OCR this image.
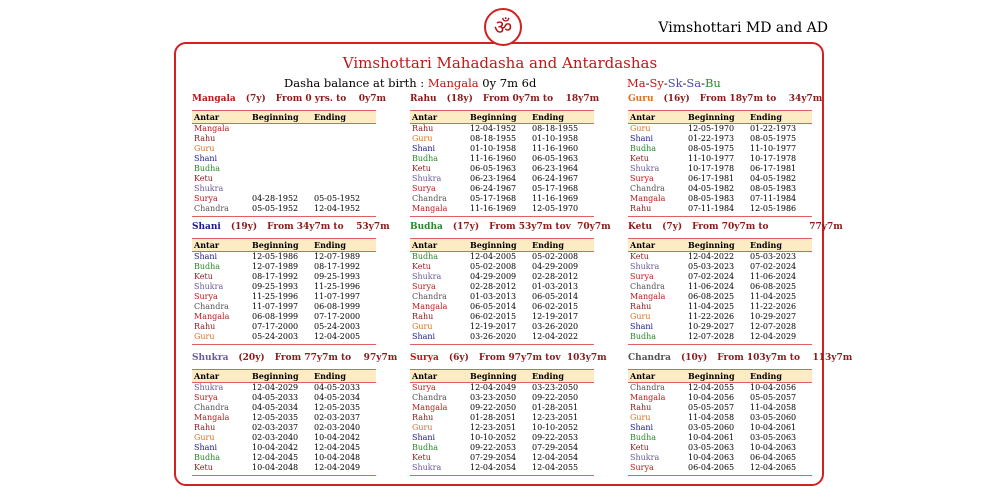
ॐ	Vimshottari MD and AD
Vimshottari Mahadasha and Antardashas
Dasha balance at birth : Mangala 0y 7m 6d	Ma-Sy-Sk-Sa-Bu
Mangala (7y) From 0 yrs. to    0y7m
Antar	Beginning	Ending
Mangala
Rahu
Guru
Shani
Budha
Ketu
Shukra
Surya	04-28-1952	05-05-1952
Chandra	05-05-1952	12-04-1952
Rahu (18y) From 0y7m to    18y7m
Antar	Beginning	Ending
Rahu	12-04-1952	08-18-1955
Guru	08-18-1955	01-10-1958
Shani	01-10-1958	11-16-1960
Budha	11-16-1960	06-05-1963
Ketu	06-05-1963	06-23-1964
Shukra	06-23-1964	06-24-1967
Surya	06-24-1967	05-17-1968
Chandra	05-17-1968	11-16-1969
Mangala	11-16-1969	12-05-1970
Guru (16y) From 18y7m to    34y7m
Antar	Beginning	Ending
Guru	12-05-1970	01-22-1973
Shani	01-22-1973	08-05-1975
Budha	08-05-1975	11-10-1977
Ketu	11-10-1977	10-17-1978
Shukra	10-17-1978	06-17-1981
Surya	06-17-1981	04-05-1982
Chandra	04-05-1982	08-05-1983
Mangala	08-05-1983	07-11-1984
Rahu	07-11-1984	12-05-1986
Shani (19y) From 34y7m to    53y7m
Antar	Beginning	Ending
Shani	12-05-1986	12-07-1989
Budha	12-07-1989	08-17-1992
Ketu	08-17-1992	09-25-1993
Shukra	09-25-1993	11-25-1996
Surya	11-25-1996	11-07-1997
Chandra	11-07-1997	06-08-1999
Mangala	06-08-1999	07-17-2000
Rahu	07-17-2000	05-24-2003
Guru	05-24-2003	12-04-2005
Budha (17y) From 53y7m tov  70y7m
Antar	Beginning	Ending
Budha	12-04-2005	05-02-2008
Ketu	05-02-2008	04-29-2009
Shukra	04-29-2009	02-28-2012
Surya	02-28-2012	01-03-2013
Chandra	01-03-2013	06-05-2014
Mangala	06-05-2014	06-02-2015
Rahu	06-02-2015	12-19-2017
Guru	12-19-2017	03-26-2020
Shani	03-26-2020	12-04-2022
Ketu (7y) From 70y7m to             77y7m
Antar	Beginning	Ending
Ketu	12-04-2022	05-03-2023
Shukra	05-03-2023	07-02-2024
Surya	07-02-2024	11-06-2024
Chandra	11-06-2024	06-08-2025
Mangala	06-08-2025	11-04-2025
Rahu	11-04-2025	11-22-2026
Guru	11-22-2026	10-29-2027
Shani	10-29-2027	12-07-2028
Budha	12-07-2028	12-04-2029
Shukra (20y) From 77y7m to    97y7m
Antar	Beginning	Ending
Shukra	12-04-2029	04-05-2033
Surya	04-05-2033	04-05-2034
Chandra	04-05-2034	12-05-2035
Mangala	12-05-2035	02-03-2037
Rahu	02-03-2037	02-03-2040
Guru	02-03-2040	10-04-2042
Shani	10-04-2042	12-04-2045
Budha	12-04-2045	10-04-2048
Ketu	10-04-2048	12-04-2049
Surya (6y) From 97y7m tov  103y7m
Antar	Beginning	Ending
Surya	12-04-2049	03-23-2050
Chandra	03-23-2050	09-22-2050
Mangala	09-22-2050	01-28-2051
Rahu	01-28-2051	12-23-2051
Guru	12-23-2051	10-10-2052
Shani	10-10-2052	09-22-2053
Budha	09-22-2053	07-29-2054
Ketu	07-29-2054	12-04-2054
Shukra	12-04-2054	12-04-2055
Chandra (10y) From 103y7m to    113y7m
Antar	Beginning	Ending
Chandra	12-04-2055	10-04-2056
Mangala	10-04-2056	05-05-2057
Rahu	05-05-2057	11-04-2058
Guru	11-04-2058	03-05-2060
Shani	03-05-2060	10-04-2061
Budha	10-04-2061	03-05-2063
Ketu	03-05-2063	10-04-2063
Shukra	10-04-2063	06-04-2065
Surya	06-04-2065	12-04-2065
